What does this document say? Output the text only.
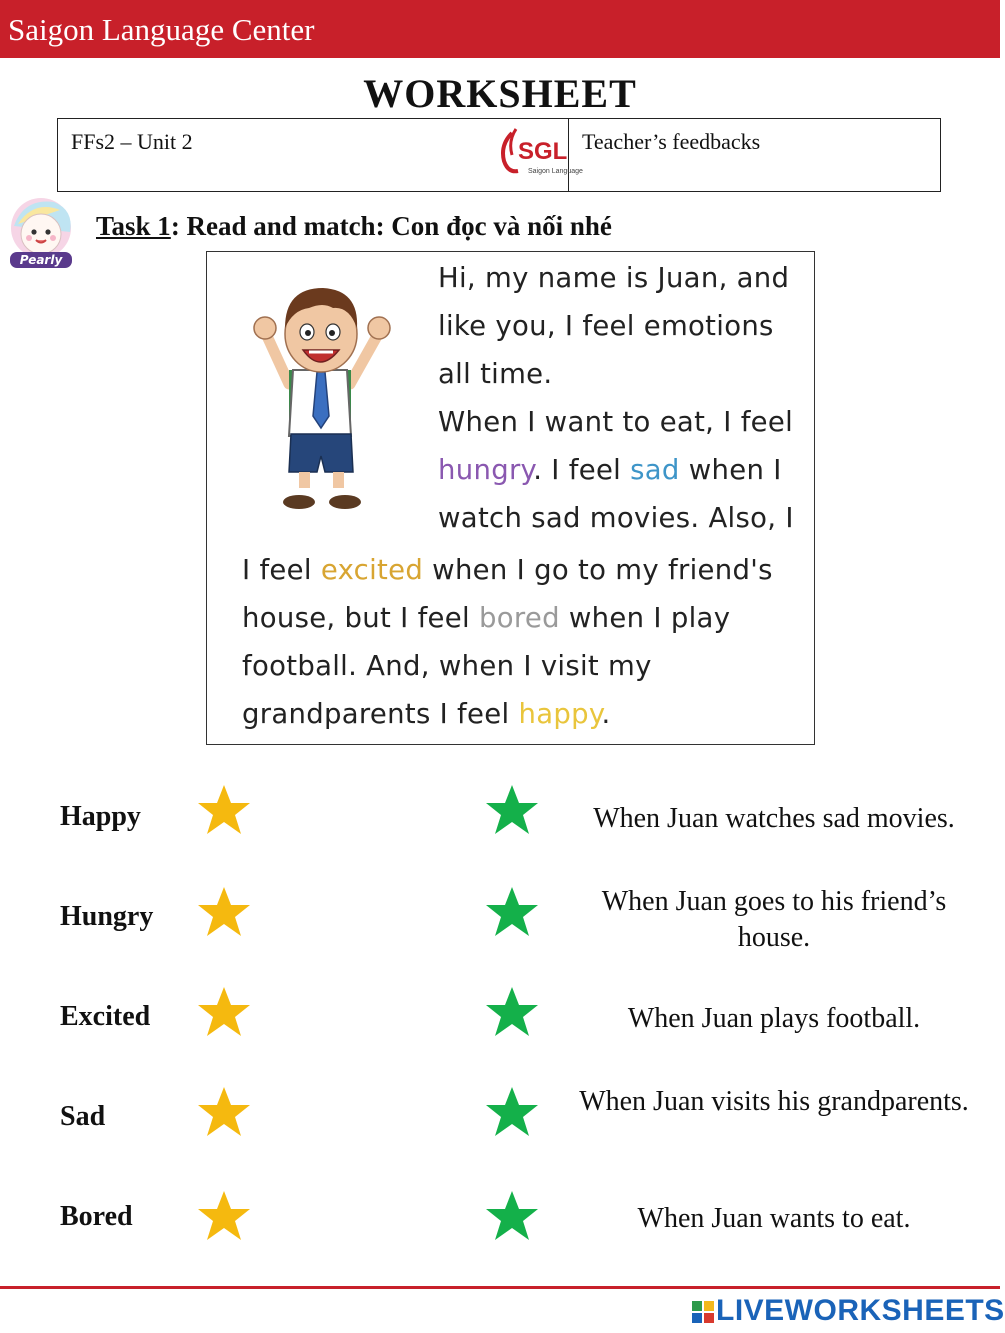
Saigon Language Center
WORKSHEET
FFs2 – Unit 2	SGL
Saigon Language
Teacher’s feedbacks
Pearly
Task 1: Read and match: Con đọc và nối nhé
Hi, my name is Juan, and
like you, I feel emotions
all time.
When I want to eat, I feel
hungry. I feel sad when I
watch sad movies. Also, I
I feel excited when I go to my friend's
house, but I feel bored when I play
football. And, when I visit my
grandparents I feel happy.
Happy	When Juan watches sad movies.
Hungry	When Juan goes to his friend’s house.
Excited	When Juan plays football.
Sad	When Juan visits his grandparents.
Bored	When Juan wants to eat.
LIVEWORKSHEETS
